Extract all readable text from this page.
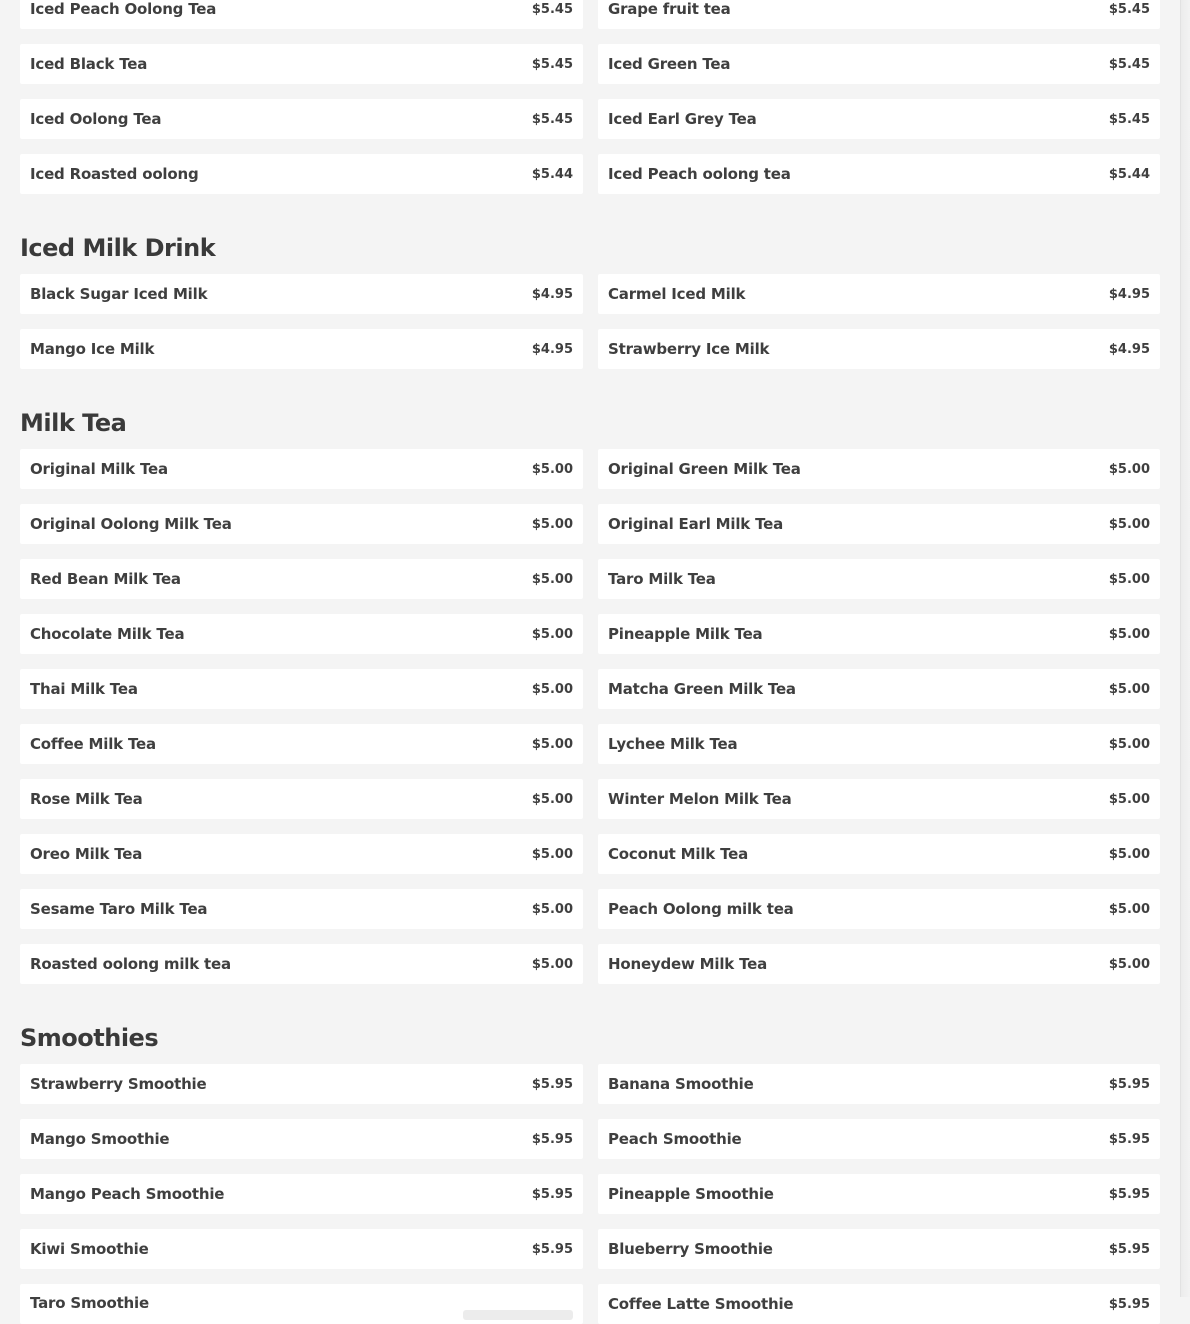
Iced Peach Oolong Tea	$5.45 Grape fruit tea	$5.45
Iced Black Tea	$5.45 Iced Green Tea	$5.45
Iced Oolong Tea	$5.45 Iced Earl Grey Tea	$5.45
Iced Roasted oolong	$5.44 Iced Peach oolong tea	$5.44
Iced Milk Drink
Black Sugar Iced Milk	$4.95 Carmel Iced Milk	$4.95
Mango Ice Milk	$4.95 Strawberry Ice Milk	$4.95
Milk Tea
Original Milk Tea	$5.00 Original Green Milk Tea	$5.00
Original Oolong Milk Tea	$5.00 Original Earl Milk Tea	$5.00
Red Bean Milk Tea	$5.00 Taro Milk Tea	$5.00
Chocolate Milk Tea	$5.00 Pineapple Milk Tea	$5.00
Thai Milk Tea	$5.00 Matcha Green Milk Tea	$5.00
Coffee Milk Tea	$5.00 Lychee Milk Tea	$5.00
Rose Milk Tea	$5.00 Winter Melon Milk Tea	$5.00
Oreo Milk Tea	$5.00 Coconut Milk Tea	$5.00
Sesame Taro Milk Tea	$5.00 Peach Oolong milk tea	$5.00
Roasted oolong milk tea	$5.00 Honeydew Milk Tea	$5.00
Smoothies
Strawberry Smoothie	$5.95 Banana Smoothie	$5.95
Mango Smoothie	$5.95 Peach Smoothie	$5.95
Mango Peach Smoothie	$5.95 Pineapple Smoothie	$5.95
Kiwi Smoothie	$5.95 Blueberry Smoothie	$5.95
Taro Smoothie	Coffee Latte Smoothie	$5.95
